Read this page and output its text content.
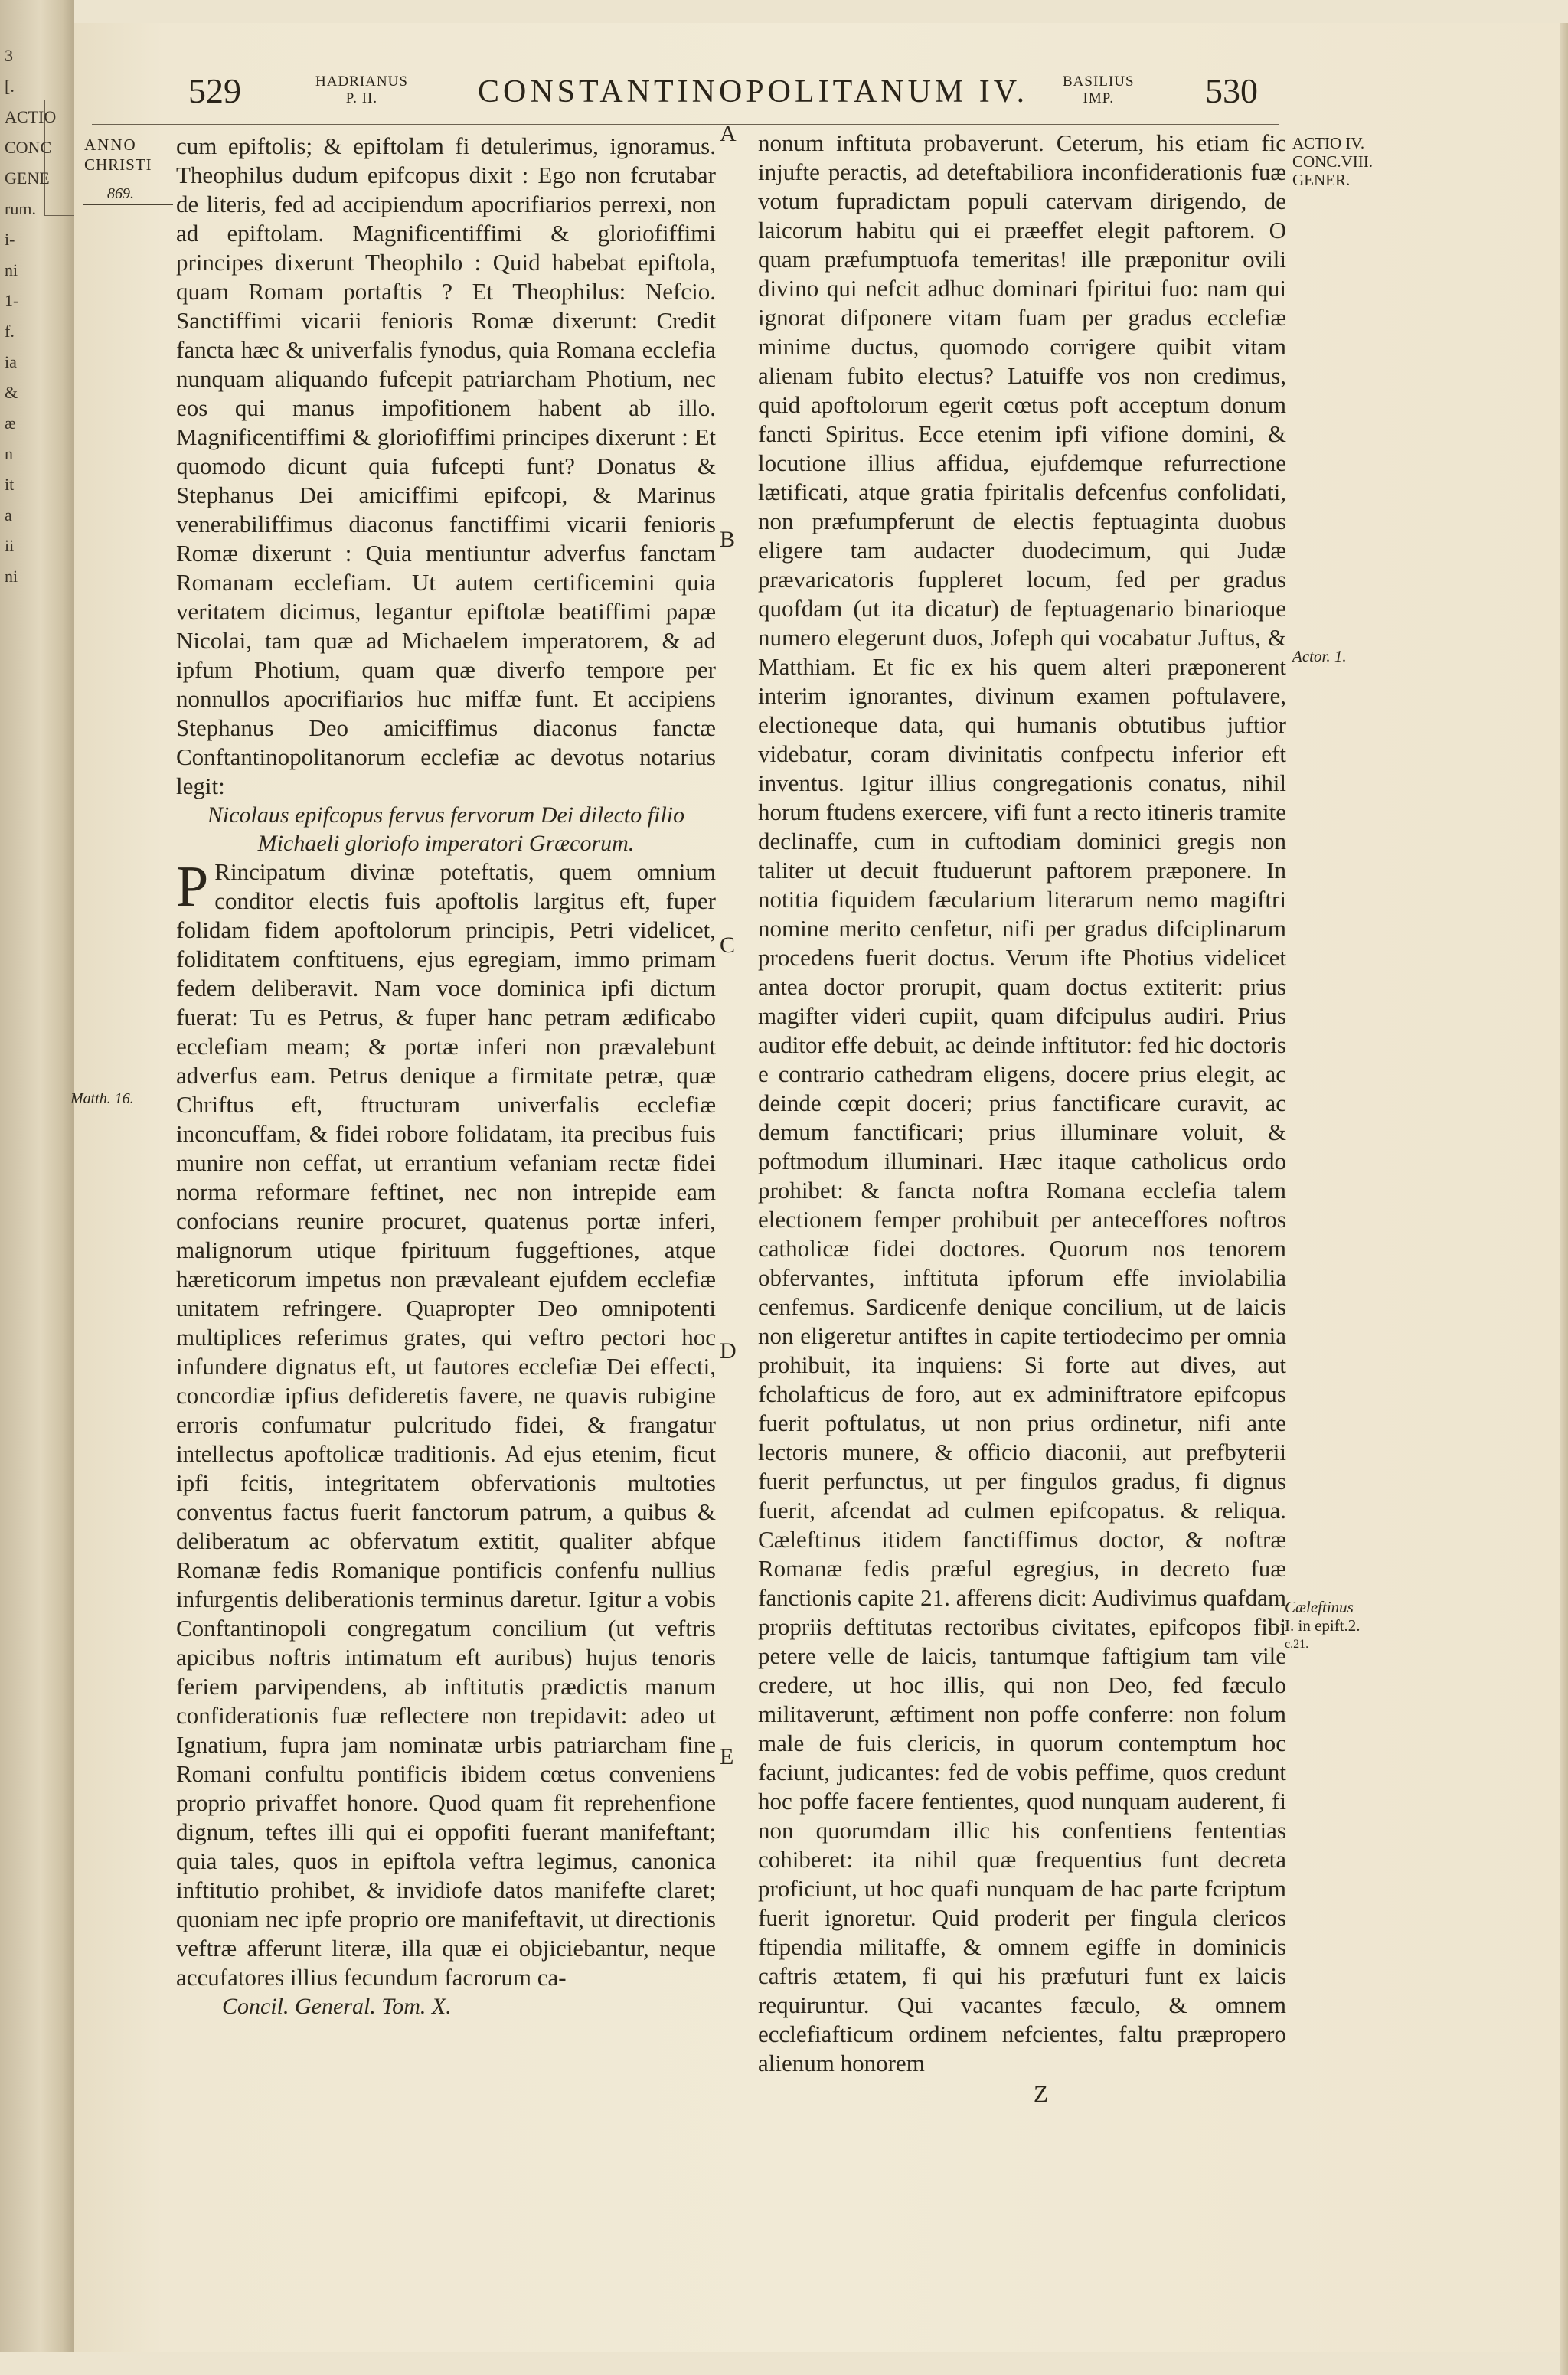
3
[.
ACTIO
CONC
GENE
rum.
i-
ni
1-
f.
ia
&
æ
n
it
a
ii
ni
529	HADRIANUS
P. II.	CONSTANTINOPOLITANUM IV. BASILIUS
IMP.	530
ANNO
CHRISTI
869.
Matth. 16.
ACTIO IV.
CONC.VIII.
GENER.
Actor. 1.
Cæleftinus
I. in epift.2.
c.21.
A
B
C
D
E

cum epiftolis; & epiftolam fi detulerimus, ignoramus. Theophilus dudum epifcopus dixit : Ego non fcrutabar de literis, fed ad accipiendum apocrifiarios perrexi, non ad epiftolam. Magnificentiffimi & gloriofiffimi principes dixerunt Theophilo : Quid habebat epiftola, quam Romam portaftis ? Et Theophilus: Nefcio. Sanctiffimi vicarii fenioris Romæ dixerunt: Credit fancta hæc & univerfalis fynodus, quia Romana ecclefia nunquam aliquando fufcepit patriarcham Photium, nec eos qui manus impofitionem habent ab illo. Magnificentiffimi & gloriofiffimi principes dixerunt : Et quomodo dicunt quia fufcepti funt? Donatus & Stephanus Dei amiciffimi epifcopi, & Marinus venerabiliffimus diaconus fanctiffimi vicarii fenioris Romæ dixerunt : Quia mentiuntur adverfus fanctam Romanam ecclefiam. Ut autem certificemini quia veritatem dicimus, legantur epiftolæ beatiffimi papæ Nicolai, tam quæ ad Michaelem imperatorem, & ad ipfum Photium, quam quæ diverfo tempore per nonnullos apocrifiarios huc miffæ funt. Et accipiens Stephanus Deo amiciffimus diaconus fanctæ Conftantinopolitanorum ecclefiæ ac devotus notarius legit:

Nicolaus epifcopus fervus fervorum Dei dilecto filio Michaeli gloriofo imperatori Græcorum.

P Rincipatum divinæ poteftatis, quem omnium conditor electis fuis apoftolis largitus eft, fuper folidam fidem apoftolorum principis, Petri videlicet, foliditatem conftituens, ejus egregiam, immo primam fedem deliberavit. Nam voce dominica ipfi dictum fuerat: Tu es Petrus, & fuper hanc petram ædificabo ecclefiam meam; & portæ inferi non prævalebunt adverfus eam. Petrus denique a firmitate petræ, quæ Chriftus eft, ftructuram univerfalis ecclefiæ inconcuffam, & fidei robore folidatam, ita precibus fuis munire non ceffat, ut errantium vefaniam rectæ fidei norma reformare feftinet, nec non intrepide eam confocians reunire procuret, quatenus portæ inferi, malignorum utique fpirituum fuggeftiones, atque hæreticorum impetus non prævaleant ejufdem ecclefiæ unitatem refringere. Quapropter Deo omnipotenti multiplices referimus grates, qui veftro pectori hoc infundere dignatus eft, ut fautores ecclefiæ Dei effecti, concordiæ ipfius defideretis favere, ne quavis rubigine erroris confumatur pulcritudo fidei, & frangatur intellectus apoftolicæ traditionis. Ad ejus etenim, ficut ipfi fcitis, integritatem obfervationis multoties conventus factus fuerit fanctorum patrum, a quibus & deliberatum ac obfervatum extitit, qualiter abfque Romanæ fedis Romanique pontificis confenfu nullius infurgentis deliberationis terminus daretur. Igitur a vobis Conftantinopoli congregatum concilium (ut veftris apicibus noftris intimatum eft auribus) hujus tenoris feriem parvipendens, ab inftitutis prædictis manum confiderationis fuæ reflectere non trepidavit: adeo ut Ignatium, fupra jam nominatæ urbis patriarcham fine Romani confultu pontificis ibidem cœtus conveniens proprio privaffet honore. Quod quam fit reprehenfione dignum, teftes illi qui ei oppofiti fuerant manifeftant; quia tales, quos in epiftola veftra legimus, canonica inftitutio prohibet, & invidiofe datos manifefte claret; quoniam nec ipfe proprio ore manifeftavit, ut directionis veftræ afferunt literæ, illa quæ ei objiciebantur, neque accufatores illius fecundum facrorum ca-

Concil. General. Tom. X.

nonum inftituta probaverunt. Ceterum, his etiam fic injufte peractis, ad deteftabiliora inconfiderationis fuæ votum fupradictam populi catervam dirigendo, de laicorum habitu qui ei præeffet elegit paftorem. O quam præfumptuofa temeritas! ille præponitur ovili divino qui nefcit adhuc dominari fpiritui fuo: nam qui ignorat difponere vitam fuam per gradus ecclefiæ minime ductus, quomodo corrigere quibit vitam alienam fubito electus? Latuiffe vos non credimus, quid apoftolorum egerit cœtus poft acceptum donum fancti Spiritus. Ecce etenim ipfi vifione domini, & locutione illius affidua, ejufdemque refurrectione lætificati, atque gratia fpiritalis defcenfus confolidati, non præfumpferunt de electis feptuaginta duobus eligere tam audacter duodecimum, qui Judæ prævaricatoris fuppleret locum, fed per gradus quofdam (ut ita dicatur) de feptuagenario binarioque numero elegerunt duos, Jofeph qui vocabatur Juftus, & Matthiam. Et fic ex his quem alteri præponerent interim ignorantes, divinum examen poftulavere, electioneque data, qui humanis obtutibus juftior videbatur, coram divinitatis confpectu inferior eft inventus. Igitur illius congregationis conatus, nihil horum ftudens exercere, vifi funt a recto itineris tramite declinaffe, cum in cuftodiam dominici gregis non taliter ut decuit ftuduerunt paftorem præponere. In notitia fiquidem fæcularium literarum nemo magiftri nomine merito cenfetur, nifi per gradus difciplinarum procedens fuerit doctus. Verum ifte Photius videlicet antea doctor prorupit, quam doctus extiterit: prius magifter videri cupiit, quam difcipulus audiri. Prius auditor effe debuit, ac deinde inftitutor: fed hic doctoris e contrario cathedram eligens, docere prius elegit, ac deinde cœpit doceri; prius fanctificare curavit, ac demum fanctificari; prius illuminare voluit, & poftmodum illuminari. Hæc itaque catholicus ordo prohibet: & fancta noftra Romana ecclefia talem electionem femper prohibuit per anteceffores noftros catholicæ fidei doctores. Quorum nos tenorem obfervantes, inftituta ipforum effe inviolabilia cenfemus. Sardicenfe denique concilium, ut de laicis non eligeretur antiftes in capite tertiodecimo per omnia prohibuit, ita inquiens: Si forte aut dives, aut fcholafticus de foro, aut ex adminiftratore epifcopus fuerit poftulatus, ut non prius ordinetur, nifi ante lectoris munere, & officio diaconii, aut prefbyterii fuerit perfunctus, ut per fingulos gradus, fi dignus fuerit, afcendat ad culmen epifcopatus. & reliqua. Cæleftinus itidem fanctiffimus doctor, & noftræ Romanæ fedis præful egregius, in decreto fuæ fanctionis capite 21. afferens dicit: Audivimus quafdam propriis deftitutas rectoribus civitates, epifcopos fibi petere velle de laicis, tantumque faftigium tam vile credere, ut hoc illis, qui non Deo, fed fæculo militaverunt, æftiment non poffe conferre: non folum male de fuis clericis, in quorum contemptum hoc faciunt, judicantes: fed de vobis peffime, quos credunt hoc poffe facere fentientes, quod nunquam auderent, fi non quorumdam illic his confentiens fententias cohiberet: ita nihil quæ frequentius funt decreta proficiunt, ut hoc quafi nunquam de hac parte fcriptum fuerit ignoretur. Quid proderit per fingula clericos ftipendia militaffe, & omnem egiffe in dominicis caftris ætatem, fi qui his præfuturi funt ex laicis requiruntur. Qui vacantes fæculo, & omnem ecclefiafticum ordinem nefcientes, faltu præpropero alienum honorem

Z
